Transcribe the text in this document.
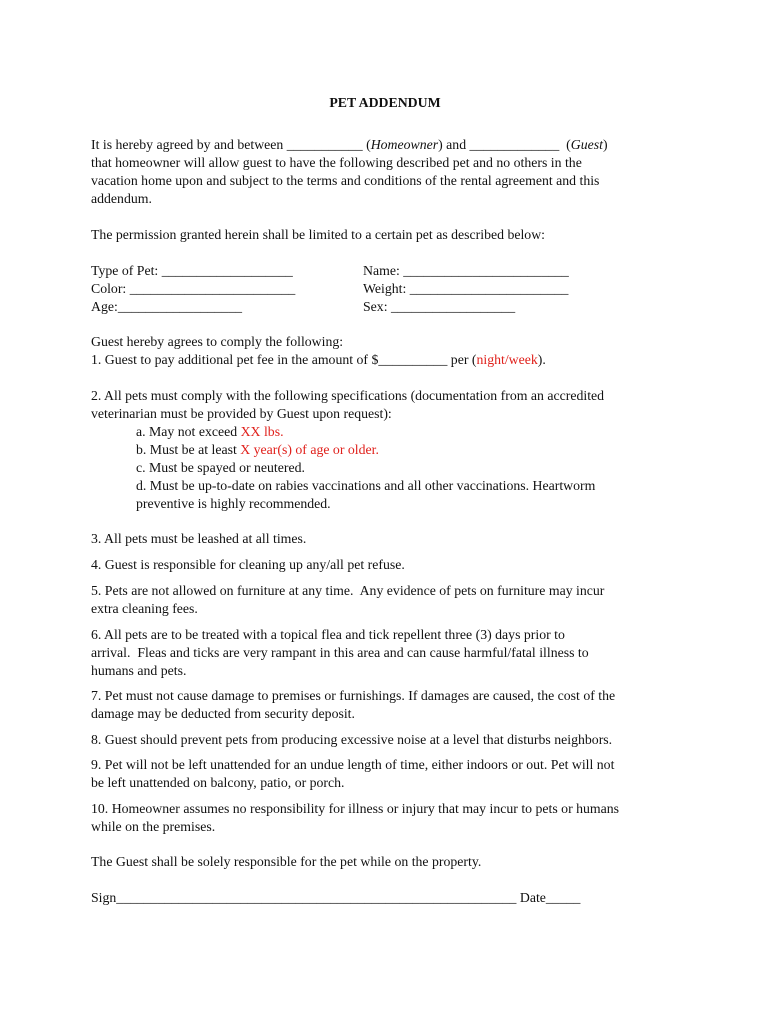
PET ADDENDUM
It is hereby agreed by and between ___________ (Homeowner) and _____________  (Guest)
that homeowner will allow guest to have the following described pet and no others in the
vacation home upon and subject to the terms and conditions of the rental agreement and this
addendum.
The permission granted herein shall be limited to a certain pet as described below:
Type of Pet: ___________________
Color: ________________________
Age:__________________
Name: ________________________
Weight: _______________________
Sex: __________________
Guest hereby agrees to comply the following:
1. Guest to pay additional pet fee in the amount of $__________ per (night/week).
2. All pets must comply with the following specifications (documentation from an accredited
veterinarian must be provided by Guest upon request):
a. May not exceed XX lbs.
b. Must be at least X year(s) of age or older.
c. Must be spayed or neutered.
d. Must be up-to-date on rabies vaccinations and all other vaccinations. Heartworm
preventive is highly recommended.
3. All pets must be leashed at all times.
4. Guest is responsible for cleaning up any/all pet refuse.
5. Pets are not allowed on furniture at any time.  Any evidence of pets on furniture may incur
extra cleaning fees.
6. All pets are to be treated with a topical flea and tick repellent three (3) days prior to
arrival.  Fleas and ticks are very rampant in this area and can cause harmful/fatal illness to
humans and pets.
7. Pet must not cause damage to premises or furnishings. If damages are caused, the cost of the
damage may be deducted from security deposit.
8. Guest should prevent pets from producing excessive noise at a level that disturbs neighbors.
9. Pet will not be left unattended for an undue length of time, either indoors or out. Pet will not
be left unattended on balcony, patio, or porch.
10. Homeowner assumes no responsibility for illness or injury that may incur to pets or humans
while on the premises.
The Guest shall be solely responsible for the pet while on the property.
Sign__________________________________________________________ Date_____
